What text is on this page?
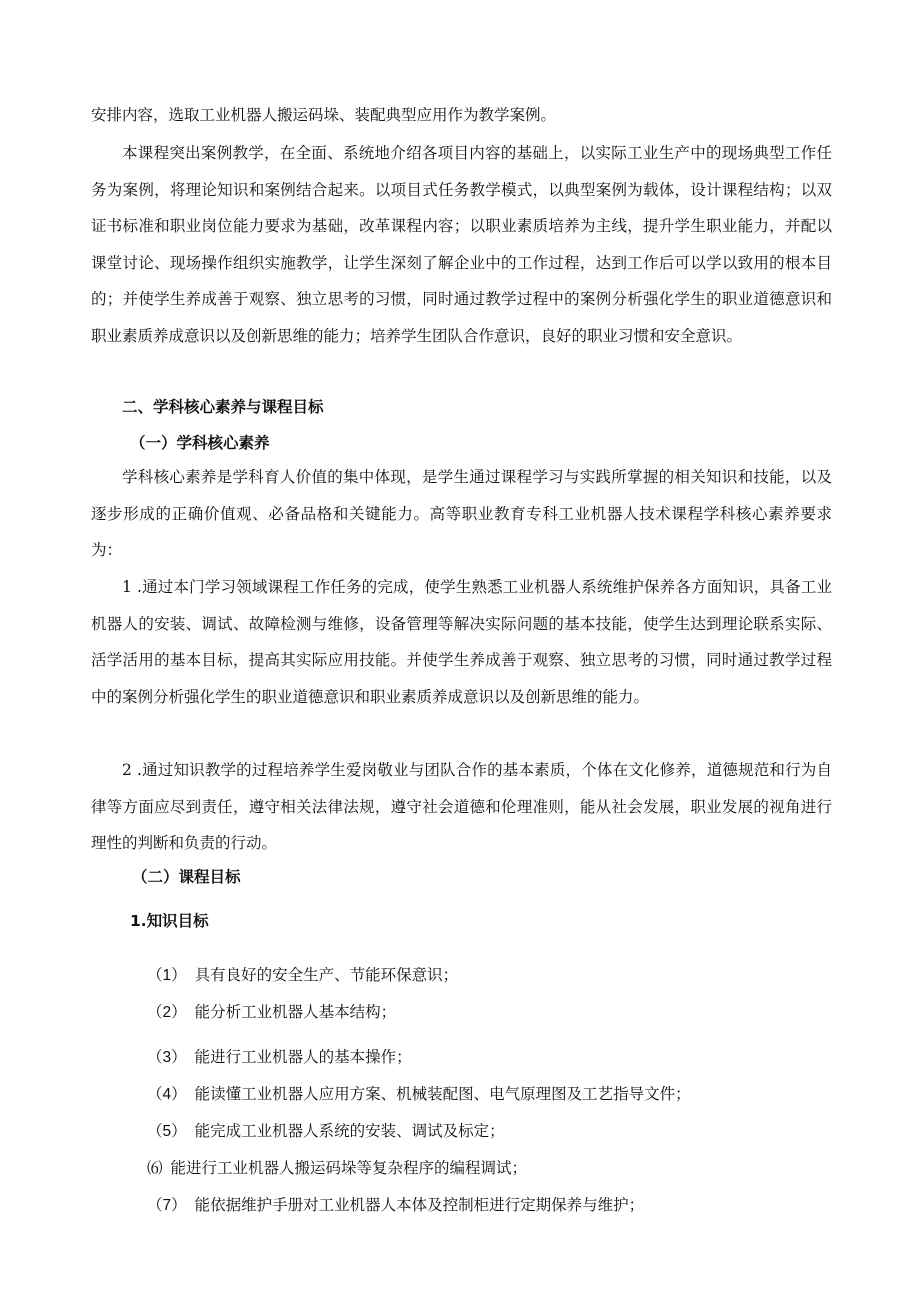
安排内容，选取工业机器人搬运码垛、装配典型应用作为教学案例。

本课程突出案例教学，在全面、系统地介绍各项目内容的基础上，以实际工业生产中的现场典型工作任务为案例，将理论知识和案例结合起来。以项目式任务教学模式，以典型案例为载体，设计课程结构；以双证书标准和职业岗位能力要求为基础，改革课程内容；以职业素质培养为主线，提升学生职业能力，并配以课堂讨论、现场操作组织实施教学，让学生深刻了解企业中的工作过程，达到工作后可以学以致用的根本目的；并使学生养成善于观察、独立思考的习惯，同时通过教学过程中的案例分析强化学生的职业道德意识和职业素质养成意识以及创新思维的能力；培养学生团队合作意识，良好的职业习惯和安全意识。

二、学科核心素养与课程目标

（一）学科核心素养

学科核心素养是学科育人价值的集中体现，是学生通过课程学习与实践所掌握的相关知识和技能，以及逐步形成的正确价值观、必备品格和关键能力。高等职业教育专科工业机器人技术课程学科核心素养要求为：

1 .通过本门学习领域课程工作任务的完成，使学生熟悉工业机器人系统维护保养各方面知识，具备工业机器人的安装、调试、故障检测与维修，设备管理等解决实际问题的基本技能，使学生达到理论联系实际、活学活用的基本目标，提高其实际应用技能。并使学生养成善于观察、独立思考的习惯，同时通过教学过程中的案例分析强化学生的职业道德意识和职业素质养成意识以及创新思维的能力。

2 .通过知识教学的过程培养学生爱岗敬业与团队合作的基本素质，个体在文化修养，道德规范和行为自律等方面应尽到责任，遵守相关法律法规，遵守社会道德和伦理准则，能从社会发展，职业发展的视角进行理性的判断和负责的行动。

（二）课程目标

1.知识目标

（1） 具有良好的安全生产、节能环保意识；

（2） 能分析工业机器人基本结构；

（3） 能进行工业机器人的基本操作；

（4） 能读懂工业机器人应用方案、机械装配图、电气原理图及工艺指导文件；

（5） 能完成工业机器人系统的安装、调试及标定；

⑹ 能进行工业机器人搬运码垛等复杂程序的编程调试；

（7） 能依据维护手册对工业机器人本体及控制柜进行定期保养与维护；
